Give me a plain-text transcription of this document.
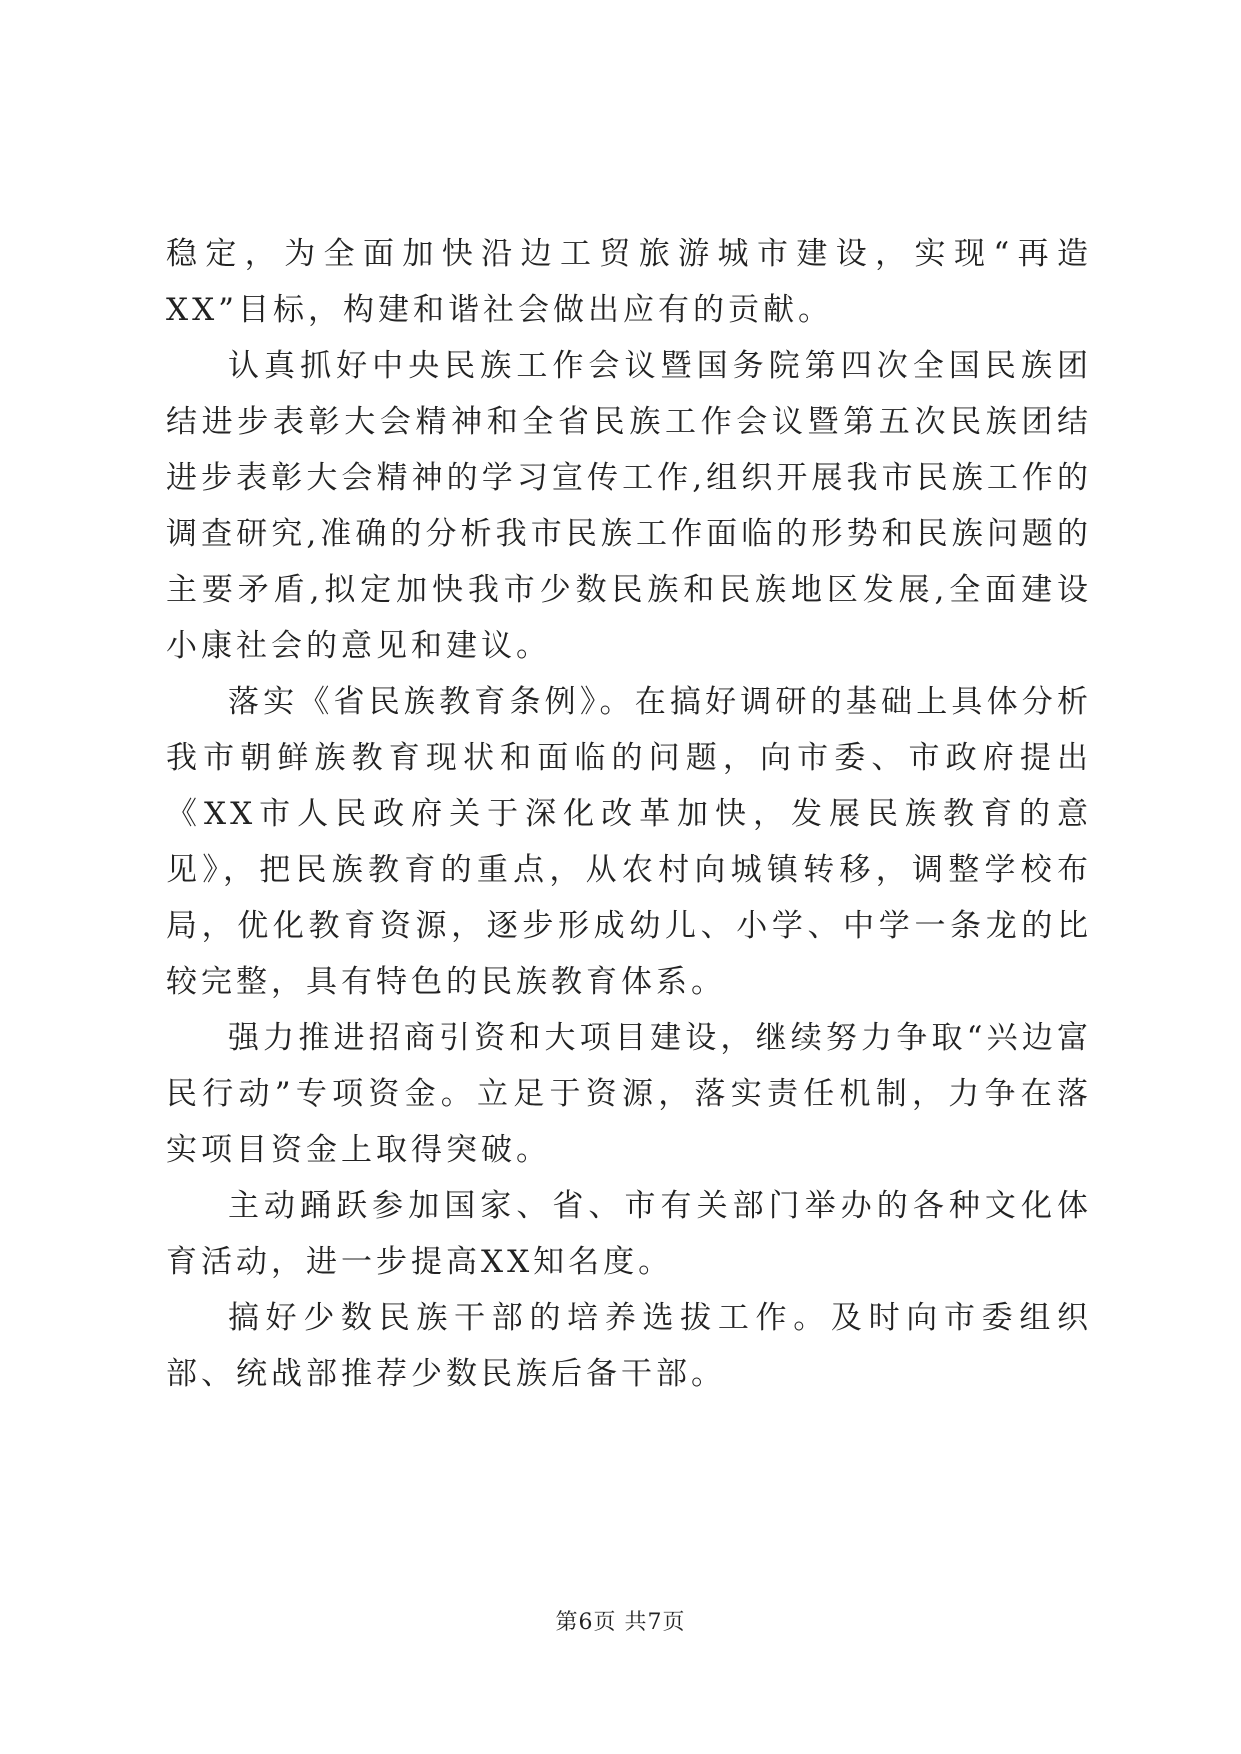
稳定，为全面加快沿边工贸旅游城市建设，实现“再造XX”目标，构建和谐社会做出应有的贡献。

认真抓好中央民族工作会议暨国务院第四次全国民族团结进步表彰大会精神和全省民族工作会议暨第五次民族团结进步表彰大会精神的学习宣传工作,组织开展我市民族工作的调查研究,准确的分析我市民族工作面临的形势和民族问题的主要矛盾,拟定加快我市少数民族和民族地区发展,全面建设小康社会的意见和建议。

落实《省民族教育条例》。在搞好调研的基础上具体分析我市朝鲜族教育现状和面临的问题，向市委、市政府提出《XX市人民政府关于深化改革加快，发展民族教育的意见》，把民族教育的重点，从农村向城镇转移，调整学校布局，优化教育资源，逐步形成幼儿、小学、中学一条龙的比较完整，具有特色的民族教育体系。

强力推进招商引资和大项目建设，继续努力争取“兴边富民行动”专项资金。立足于资源，落实责任机制，力争在落实项目资金上取得突破。

主动踊跃参加国家、省、市有关部门举办的各种文化体育活动，进一步提高XX知名度。

搞好少数民族干部的培养选拔工作。及时向市委组织部、统战部推荐少数民族后备干部。

第6页 共7页
